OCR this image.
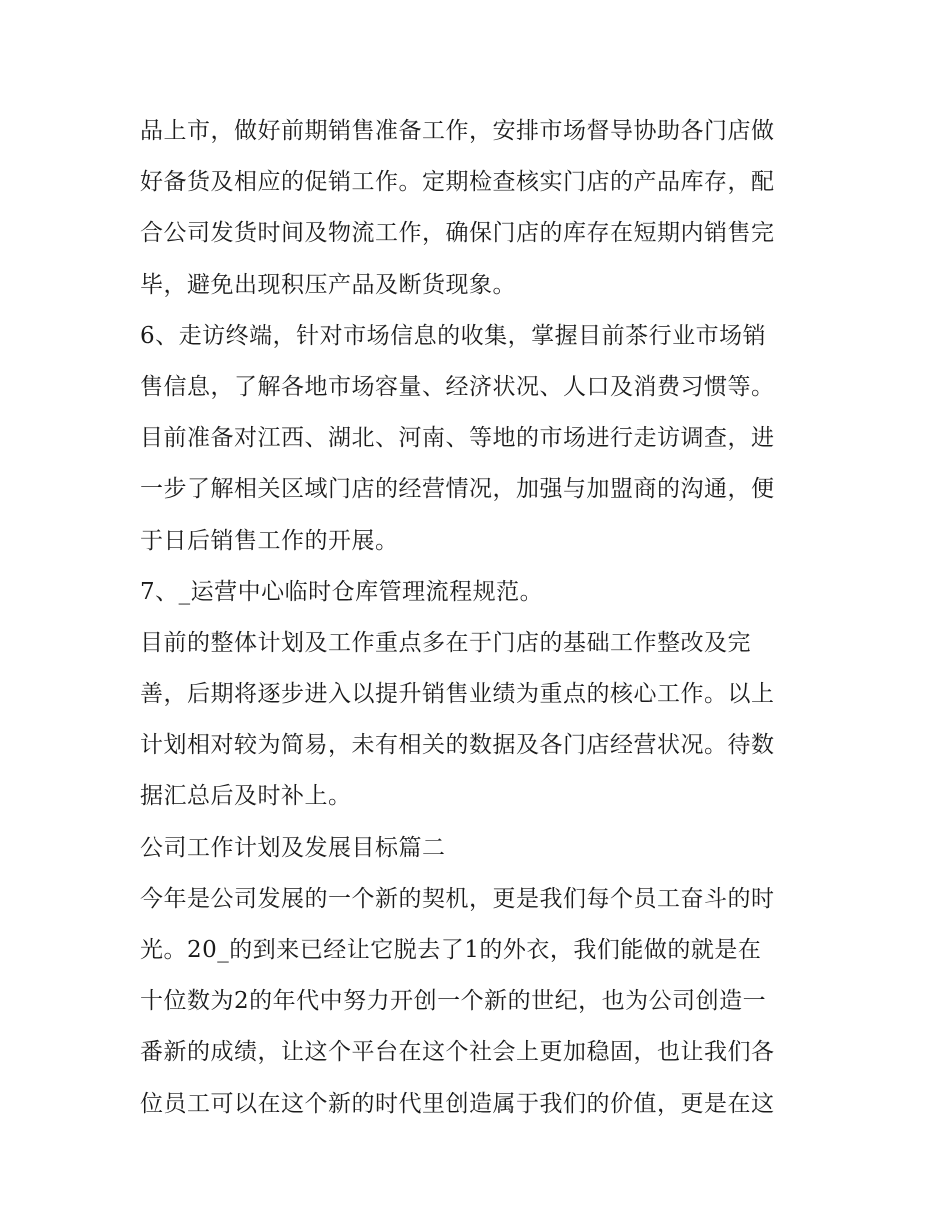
品上市，做好前期销售准备工作，安排市场督导协助各门店做
好备货及相应的促销工作。定期检查核实门店的产品库存，配
合公司发货时间及物流工作，确保门店的库存在短期内销售完
毕，避免出现积压产品及断货现象。
6、走访终端，针对市场信息的收集，掌握目前茶行业市场销
售信息，了解各地市场容量、经济状况、人口及消费习惯等。
目前准备对江西、湖北、河南、等地的市场进行走访调查，进
一步了解相关区域门店的经营情况，加强与加盟商的沟通，便
于日后销售工作的开展。
7、_运营中心临时仓库管理流程规范。
目前的整体计划及工作重点多在于门店的基础工作整改及完
善，后期将逐步进入以提升销售业绩为重点的核心工作。以上
计划相对较为简易，未有相关的数据及各门店经营状况。待数
据汇总后及时补上。
公司工作计划及发展目标篇二
今年是公司发展的一个新的契机，更是我们每个员工奋斗的时
光。20_的到来已经让它脱去了1的外衣，我们能做的就是在
十位数为2的年代中努力开创一个新的世纪，也为公司创造一
番新的成绩，让这个平台在这个社会上更加稳固，也让我们各
位员工可以在这个新的时代里创造属于我们的价值，更是在这
